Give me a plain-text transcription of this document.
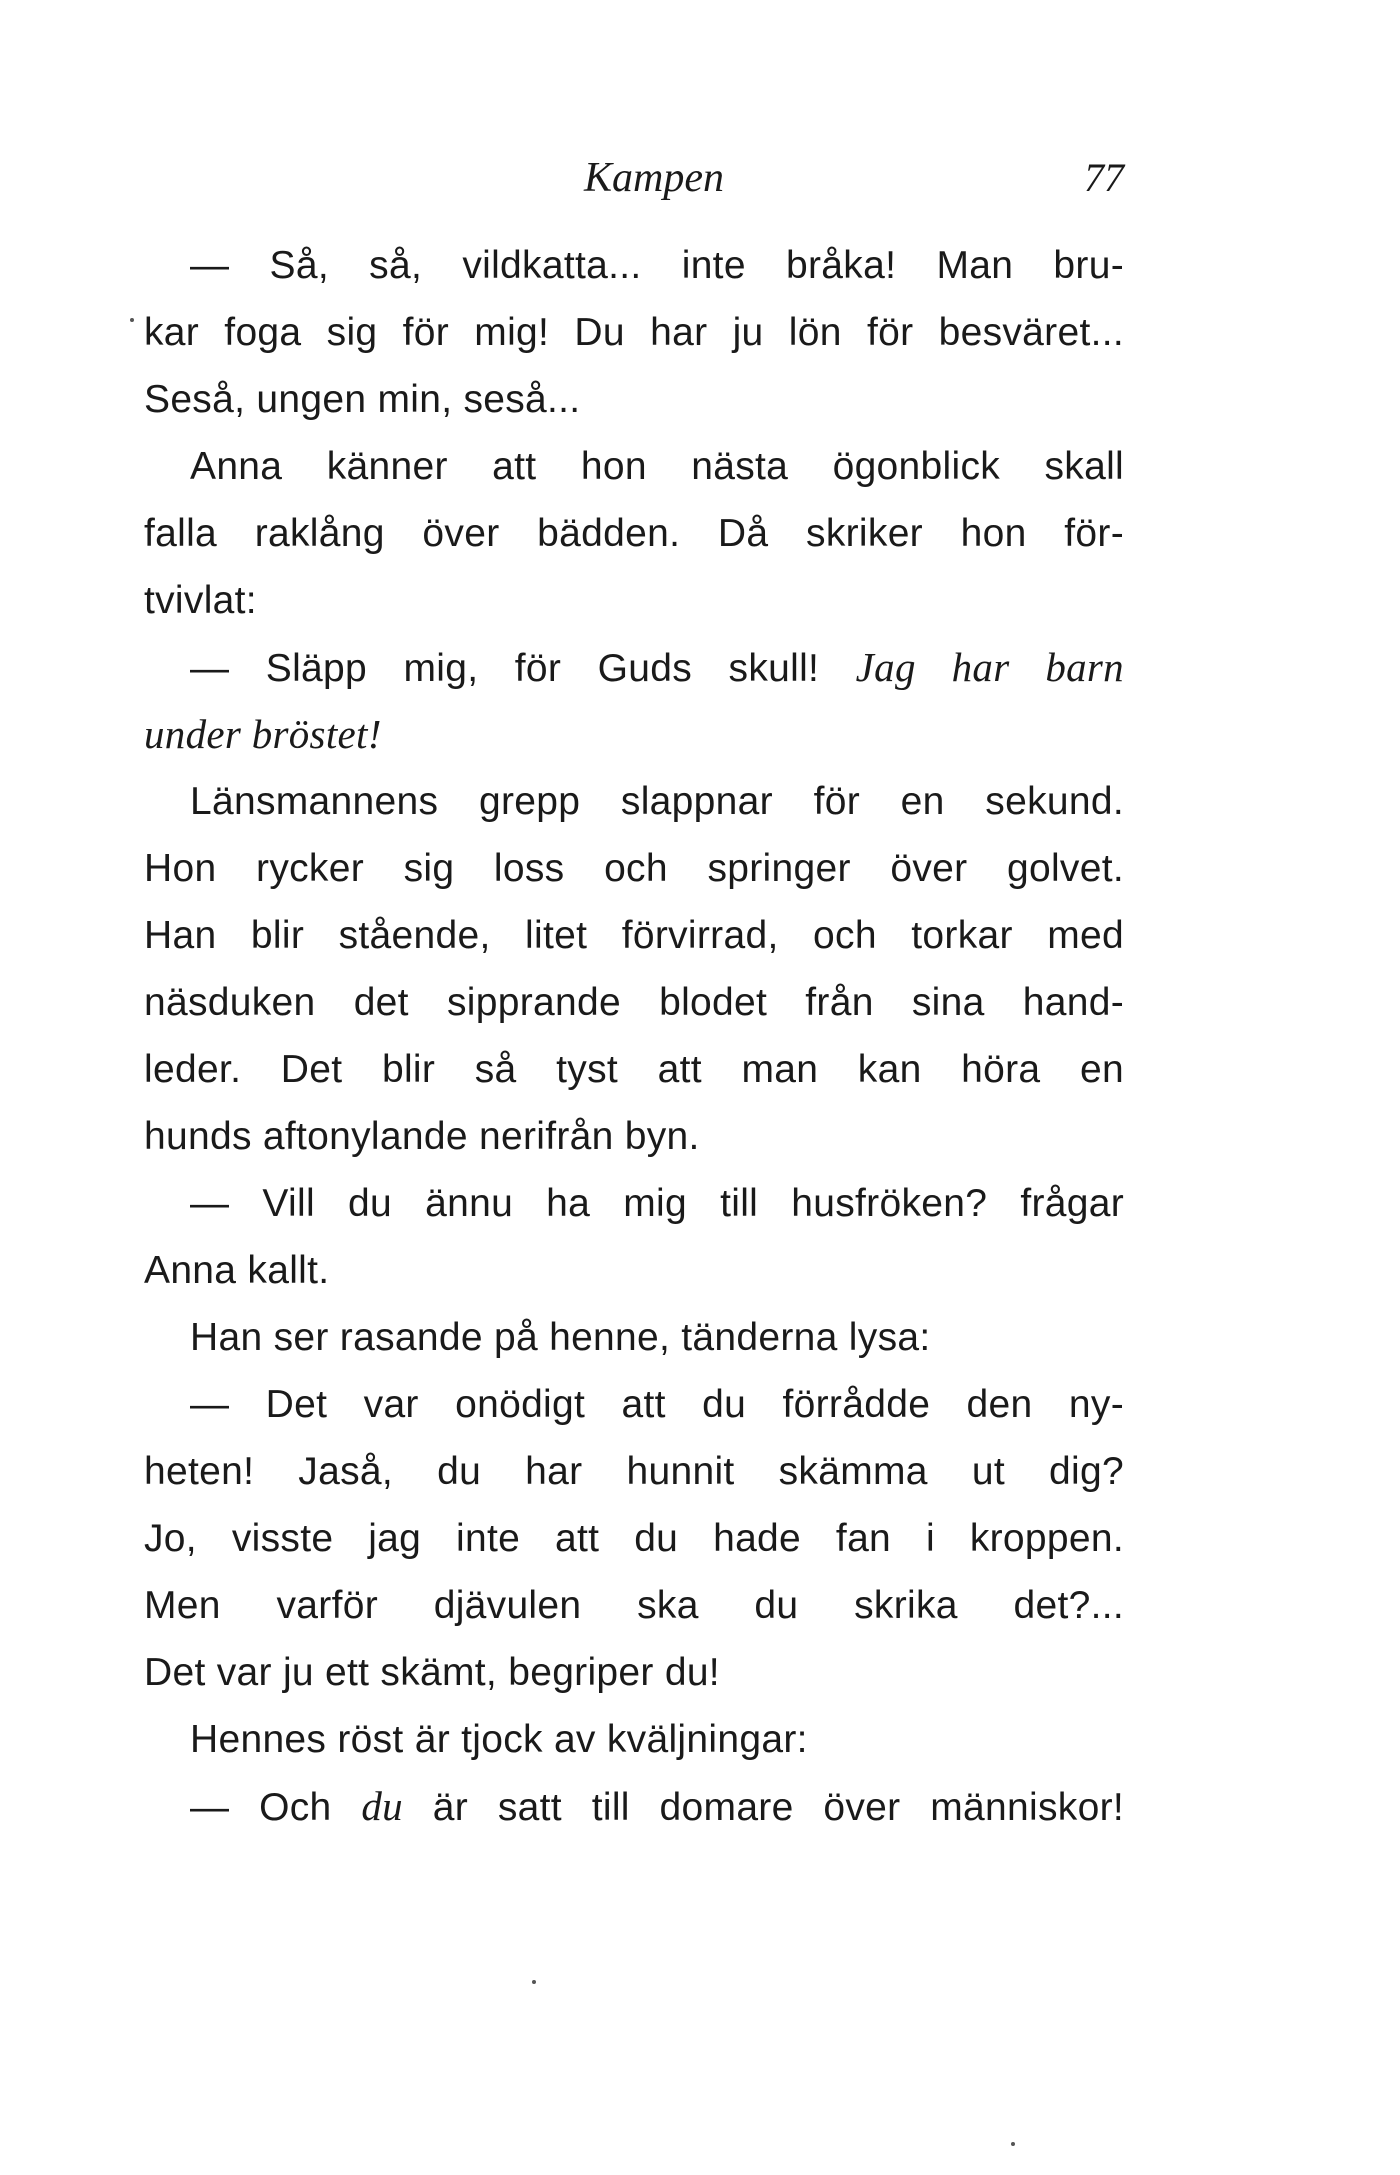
Kampen	77
— Så, så, vildkatta... inte bråka! Man bru-
kar foga sig för mig! Du har ju lön för besväret...
Seså, ungen min, seså...
Anna känner att hon nästa ögonblick skall
falla raklång över bädden. Då skriker hon för-
tvivlat:
— Släpp mig, för Guds skull! Jag har barn
under bröstet!
Länsmannens grepp slappnar för en sekund.
Hon rycker sig loss och springer över golvet.
Han blir stående, litet förvirrad, och torkar med
näsduken det sipprande blodet från sina hand-
leder. Det blir så tyst att man kan höra en
hunds aftonylande nerifrån byn.
— Vill du ännu ha mig till husfröken? frågar
Anna kallt.
Han ser rasande på henne, tänderna lysa:
— Det var onödigt att du förrådde den ny-
heten! Jaså, du har hunnit skämma ut dig?
Jo, visste jag inte att du hade fan i kroppen.
Men varför djävulen ska du skrika det?...
Det var ju ett skämt, begriper du!
Hennes röst är tjock av kväljningar:
— Och du är satt till domare över människor!
